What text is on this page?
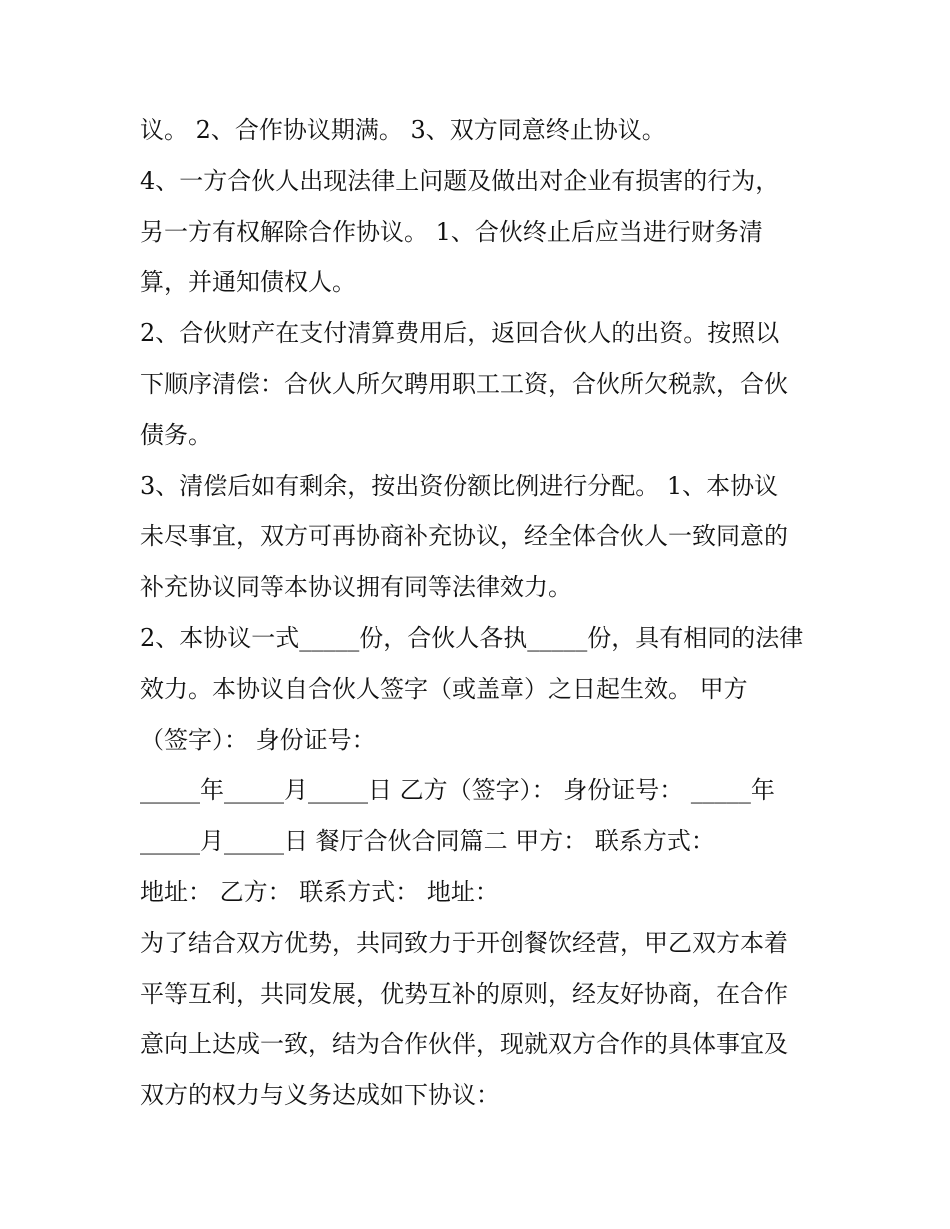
议。 2、合作协议期满。 3、双方同意终止协议。
4、一方合伙人出现法律上问题及做出对企业有损害的行为，
另一方有权解除合作协议。 1、合伙终止后应当进行财务清
算，并通知债权人。
2、合伙财产在支付清算费用后，返回合伙人的出资。按照以
下顺序清偿：合伙人所欠聘用职工工资，合伙所欠税款，合伙
债务。
3、清偿后如有剩余，按出资份额比例进行分配。 1、本协议
未尽事宜，双方可再协商补充协议，经全体合伙人一致同意的
补充协议同等本协议拥有同等法律效力。
2、本协议一式_____份，合伙人各执_____份，具有相同的法律
效力。本协议自合伙人签字（或盖章）之日起生效。 甲方
（签字）： 身份证号：
_____年_____月_____日 乙方（签字）： 身份证号： _____年
_____月_____日 餐厅合伙合同篇二 甲方： 联系方式：
地址： 乙方： 联系方式： 地址：
为了结合双方优势，共同致力于开创餐饮经营，甲乙双方本着
平等互利，共同发展，优势互补的原则，经友好协商，在合作
意向上达成一致，结为合作伙伴，现就双方合作的具体事宜及
双方的权力与义务达成如下协议：
